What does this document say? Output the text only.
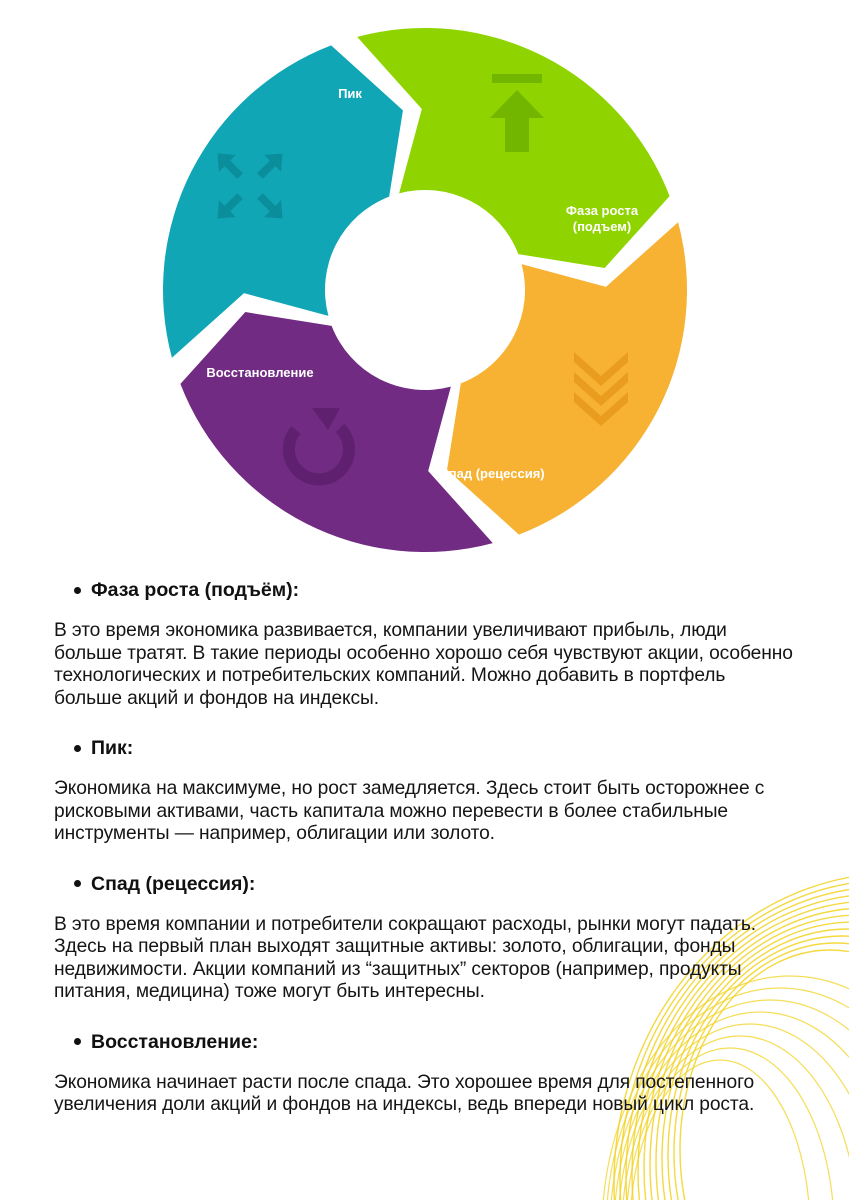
Пик
Фаза роста (подъем)
Спад (рецессия)
Восстановление
Фаза роста (подъём):

В это время экономика развивается, компании увеличивают прибыль, люди больше тратят. В такие периоды особенно хорошо себя чувствуют акции, особенно технологических и потребительских компаний. Можно добавить в портфель больше акций и фондов на индексы.

Пик:

Экономика на максимуме, но рост замедляется. Здесь стоит быть осторожнее с рисковыми активами, часть капитала можно перевести в более стабильные инструменты — например, облигации или золото.

Спад (рецессия):

В это время компании и потребители сокращают расходы, рынки могут падать. Здесь на первый план выходят защитные активы: золото, облигации, фонды недвижимости. Акции компаний из “защитных” секторов (например, продукты питания, медицина) тоже могут быть интересны.

Восстановление:

Экономика начинает расти после спада. Это хорошее время для постепенного увеличения доли акций и фондов на индексы, ведь впереди новый цикл роста.
